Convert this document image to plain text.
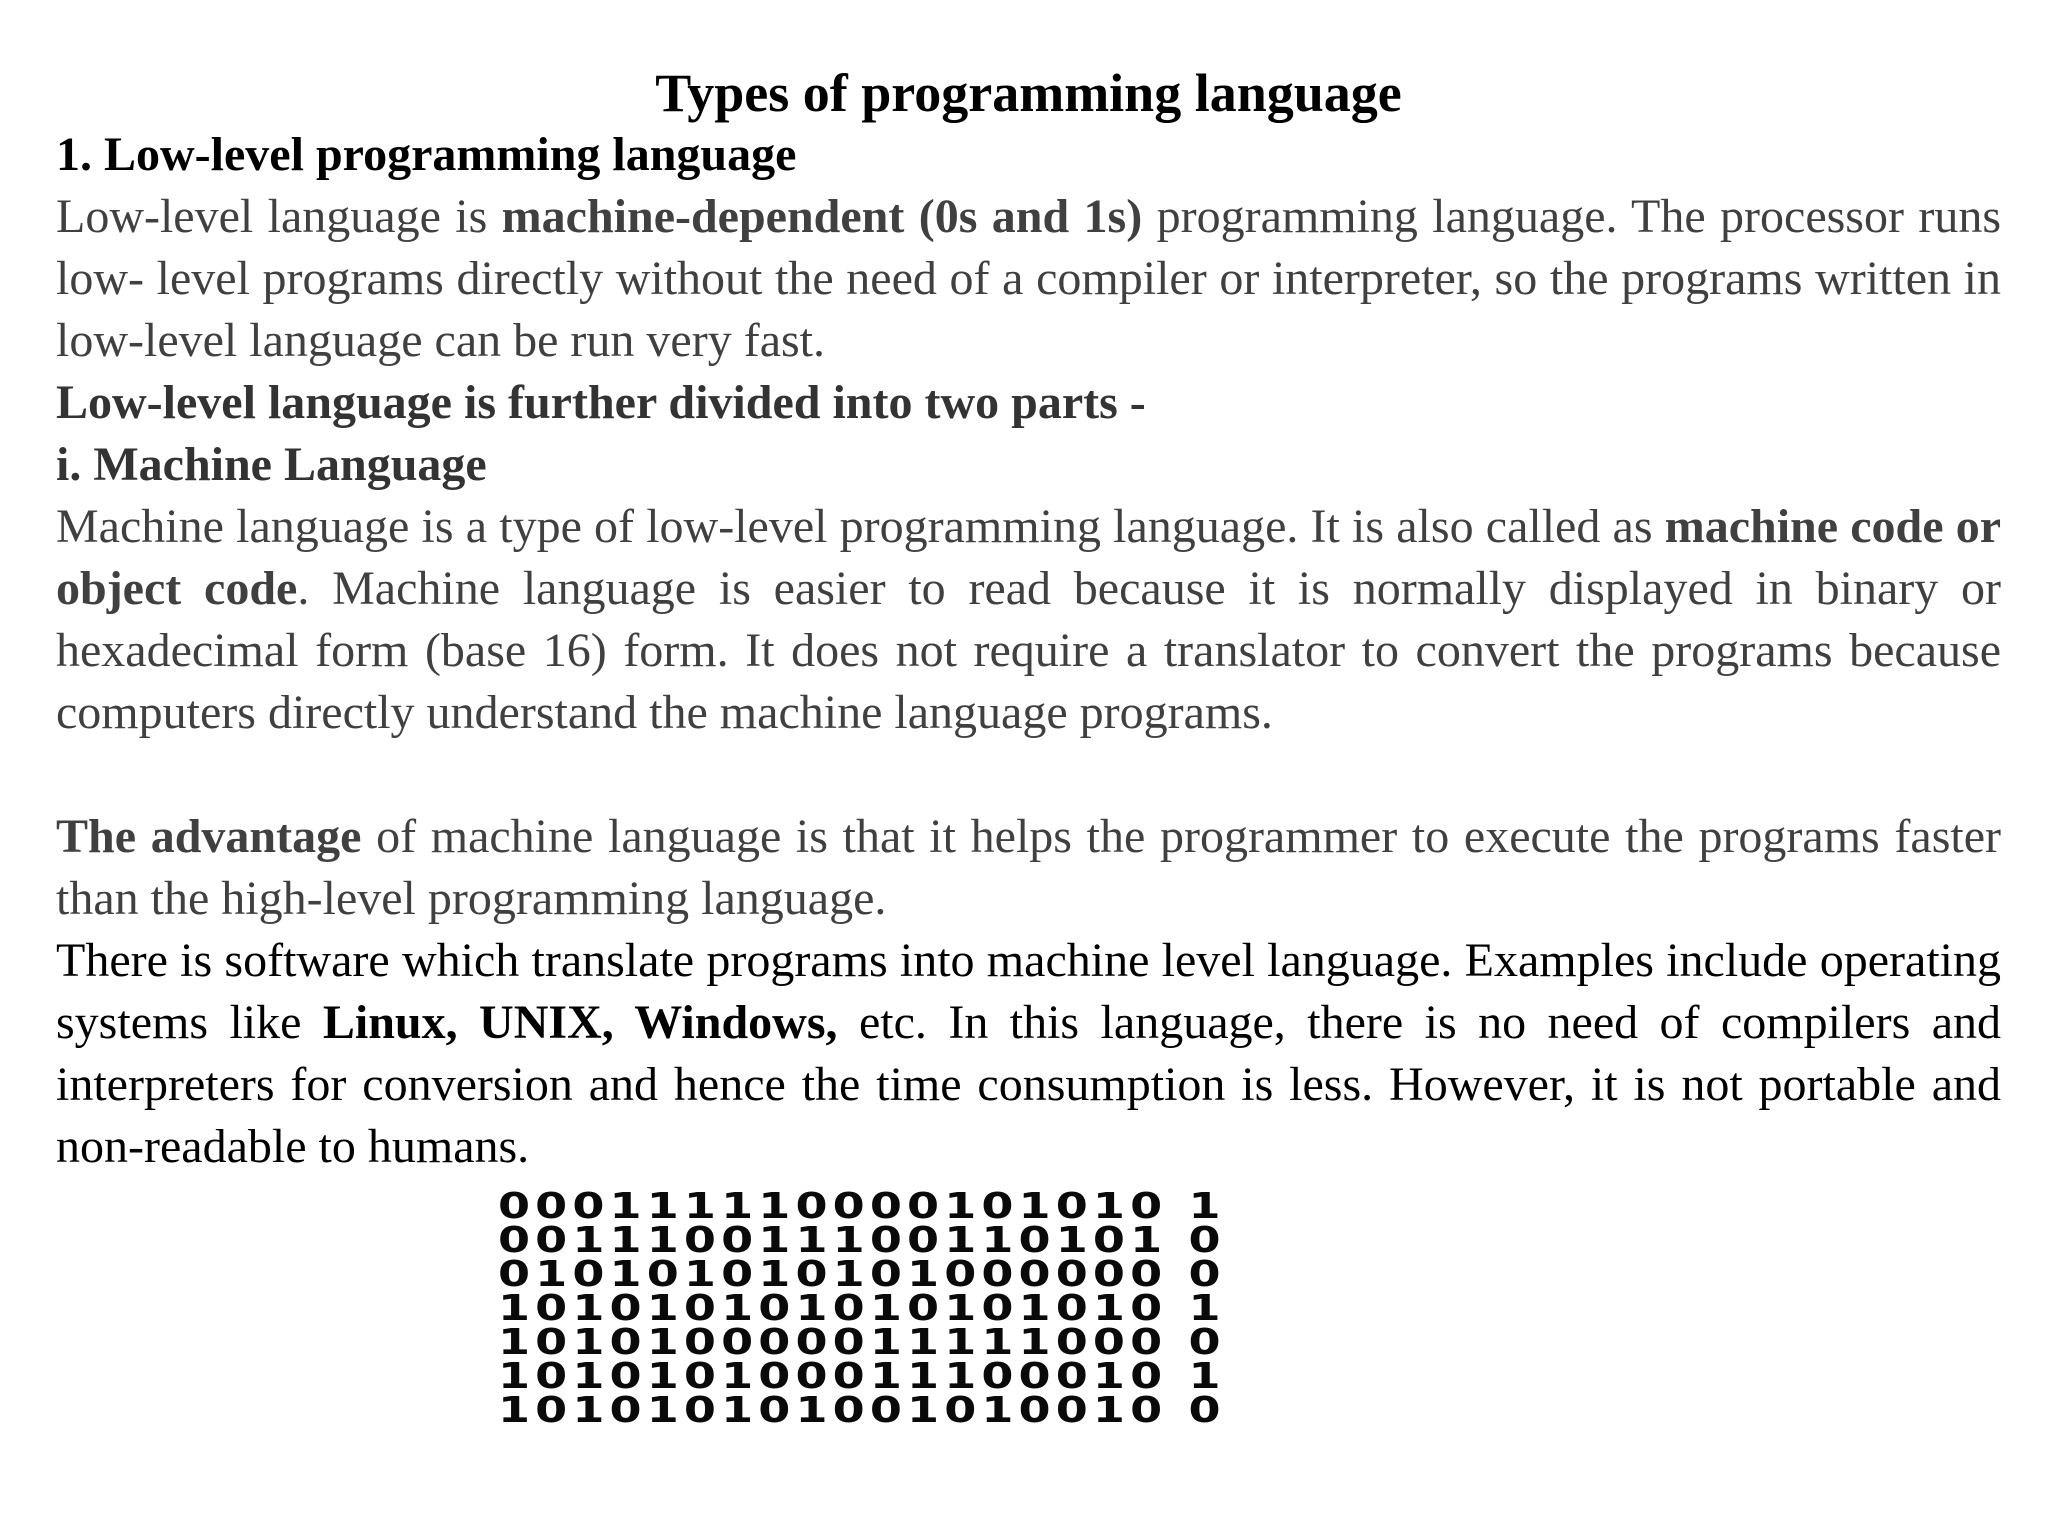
Types of programming language

1. Low-level programming language

Low-level language is machine-dependent (0s and 1s) programming language. The processor runs low- level programs directly without the need of a compiler or interpreter, so the programs written in low-level language can be run very fast.

Low-level language is further divided into two parts -

i. Machine Language

Machine language is a type of low-level programming language. It is also called as machine code or object code. Machine language is easier to read because it is normally displayed in binary or hexadecimal form (base 16) form. It does not require a translator to convert the programs because computers directly understand the machine language programs.

The advantage of machine language is that it helps the programmer to execute the programs faster than the high-level programming language.

There is software which translate programs into machine level language. Examples include operating systems like Linux, UNIX, Windows, etc. In this language, there is no need of compilers and interpreters for conversion and hence the time consumption is less. However, it is not portable and non-readable to humans.

000111110000101010 1
001110011100110101 0
010101010101000000 0
101010101010101010 1
101010000011111000 0
101010100011100010 1
101010101001010010 0
